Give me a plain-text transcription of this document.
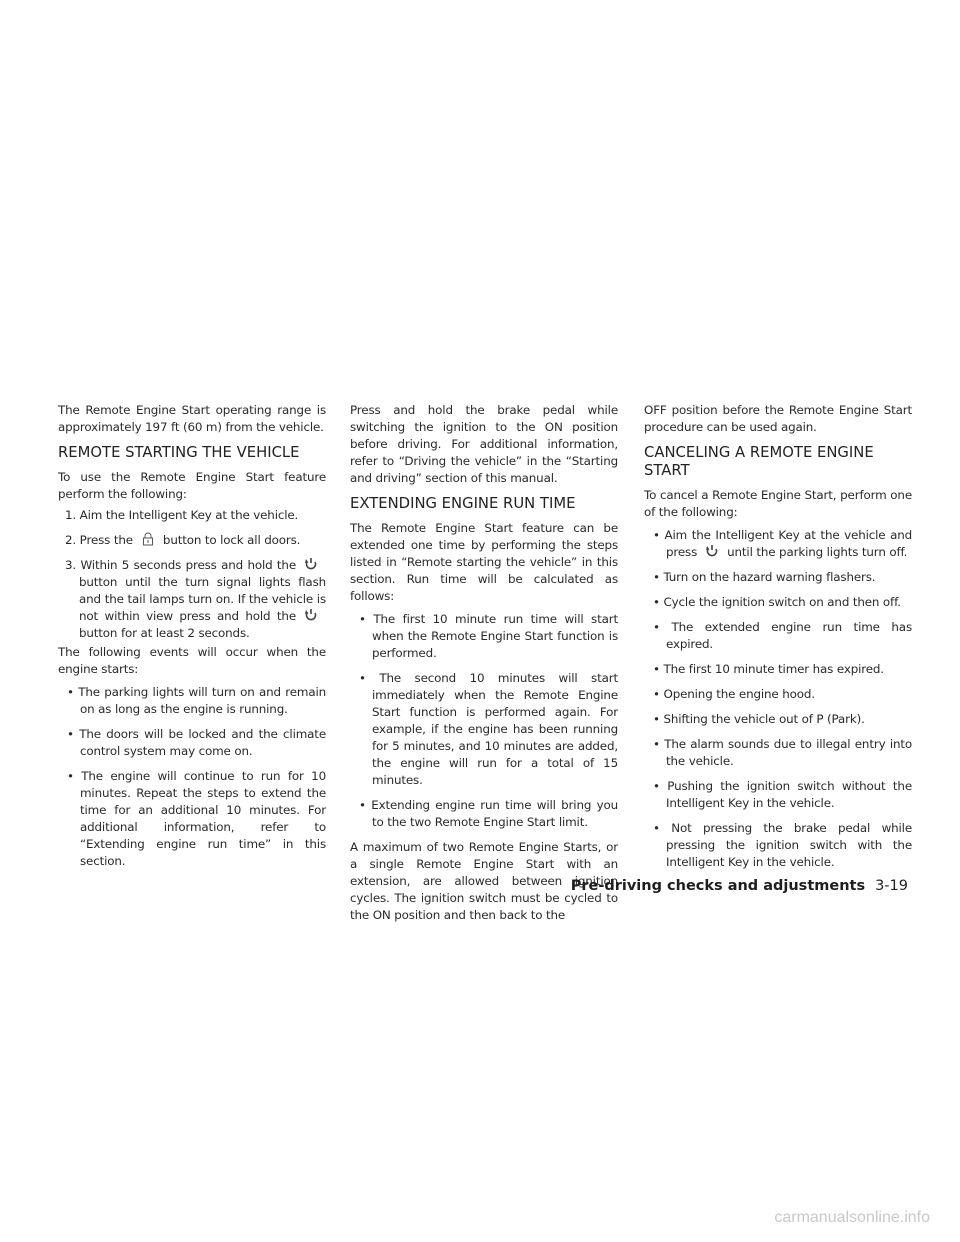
The Remote Engine Start operating range is approximately 197 ft (60 m) from the vehicle.

REMOTE STARTING THE VEHICLE

To use the Remote Engine Start feature perform the following:

1. Aim the Intelligent Key at the vehicle.
2. Press the	button to lock all doors.
3. Within 5 seconds press and hold the
button until the turn signal lights flash and the tail lamps turn on. If the vehicle is not within view press and hold the
button for at least 2 seconds.

The following events will occur when the engine starts:

• The parking lights will turn on and remain on as long as the engine is running.
• The doors will be locked and the climate control system may come on.
• The engine will continue to run for 10 minutes. Repeat the steps to extend the time for an additional 10 minutes. For additional information, refer to “Extending engine run time” in this section.

Press and hold the brake pedal while switching the ignition to the ON position before driving. For additional information, refer to “Driving the vehicle” in the “Starting and driving” section of this manual.

EXTENDING ENGINE RUN TIME

The Remote Engine Start feature can be extended one time by performing the steps listed in “Remote starting the vehicle” in this section. Run time will be calculated as follows:

• The first 10 minute run time will start when the Remote Engine Start function is performed.
• The second 10 minutes will start immediately when the Remote Engine Start function is performed again. For example, if the engine has been running for 5 minutes, and 10 minutes are added, the engine will run for a total of 15 minutes.
• Extending engine run time will bring you to the two Remote Engine Start limit.

A maximum of two Remote Engine Starts, or a single Remote Engine Start with an extension, are allowed between ignition cycles. The ignition switch must be cycled to the ON position and then back to the

OFF position before the Remote Engine Start procedure can be used again.

CANCELING A REMOTE ENGINE START

To cancel a Remote Engine Start, perform one of the following:

• Aim the Intelligent Key at the vehicle and press	until the parking lights turn off.
• Turn on the hazard warning flashers.
• Cycle the ignition switch on and then off.
• The extended engine run time has expired.
• The first 10 minute timer has expired.
• Opening the engine hood.
• Shifting the vehicle out of P (Park).
• The alarm sounds due to illegal entry into the vehicle.
• Pushing the ignition switch without the Intelligent Key in the vehicle.
• Not pressing the brake pedal while pressing the ignition switch with the Intelligent Key in the vehicle.
Pre-driving checks and adjustments 3-19
carmanualsonline.info
